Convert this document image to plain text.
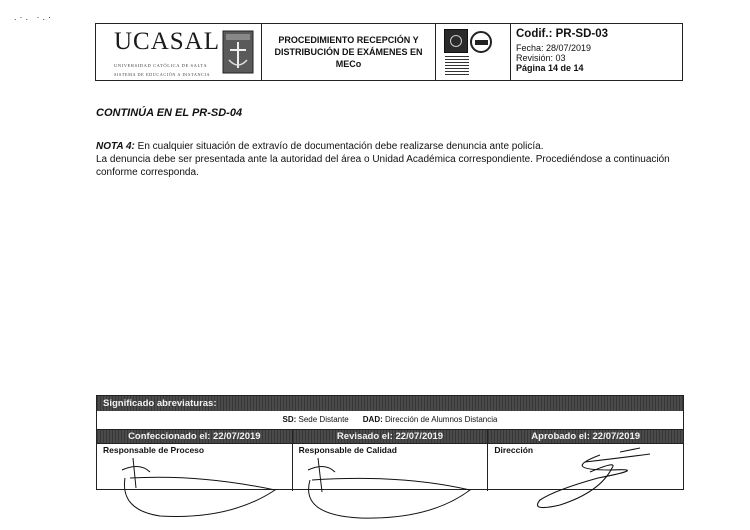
.·. ·.·
UCASAL
UNIVERSIDAD CATÓLICA DE SALTA
SISTEMA DE EDUCACIÓN A DISTANCIA
PROCEDIMIENTO RECEPCIÓN Y DISTRIBUCIÓN DE EXÁMENES EN MECo
Codif.: PR-SD-03
Fecha: 28/07/2019
Revisión: 03
Página 14 de 14
CONTINÚA EN EL PR-SD-04
NOTA 4: En cualquier situación de extravío de documentación debe realizarse denuncia ante policía.
La denuncia debe ser presentada ante la autoridad del área o Unidad Académica correspondiente. Procediéndose a continuación conforme corresponda.
Significado abreviaturas:
SD: Sede Distante DAD: Dirección de Alumnos Distancia
Confeccionado el: 22/07/2019	Revisado el: 22/07/2019	Aprobado el: 22/07/2019
Responsable de Proceso	Responsable de Calidad	Dirección
